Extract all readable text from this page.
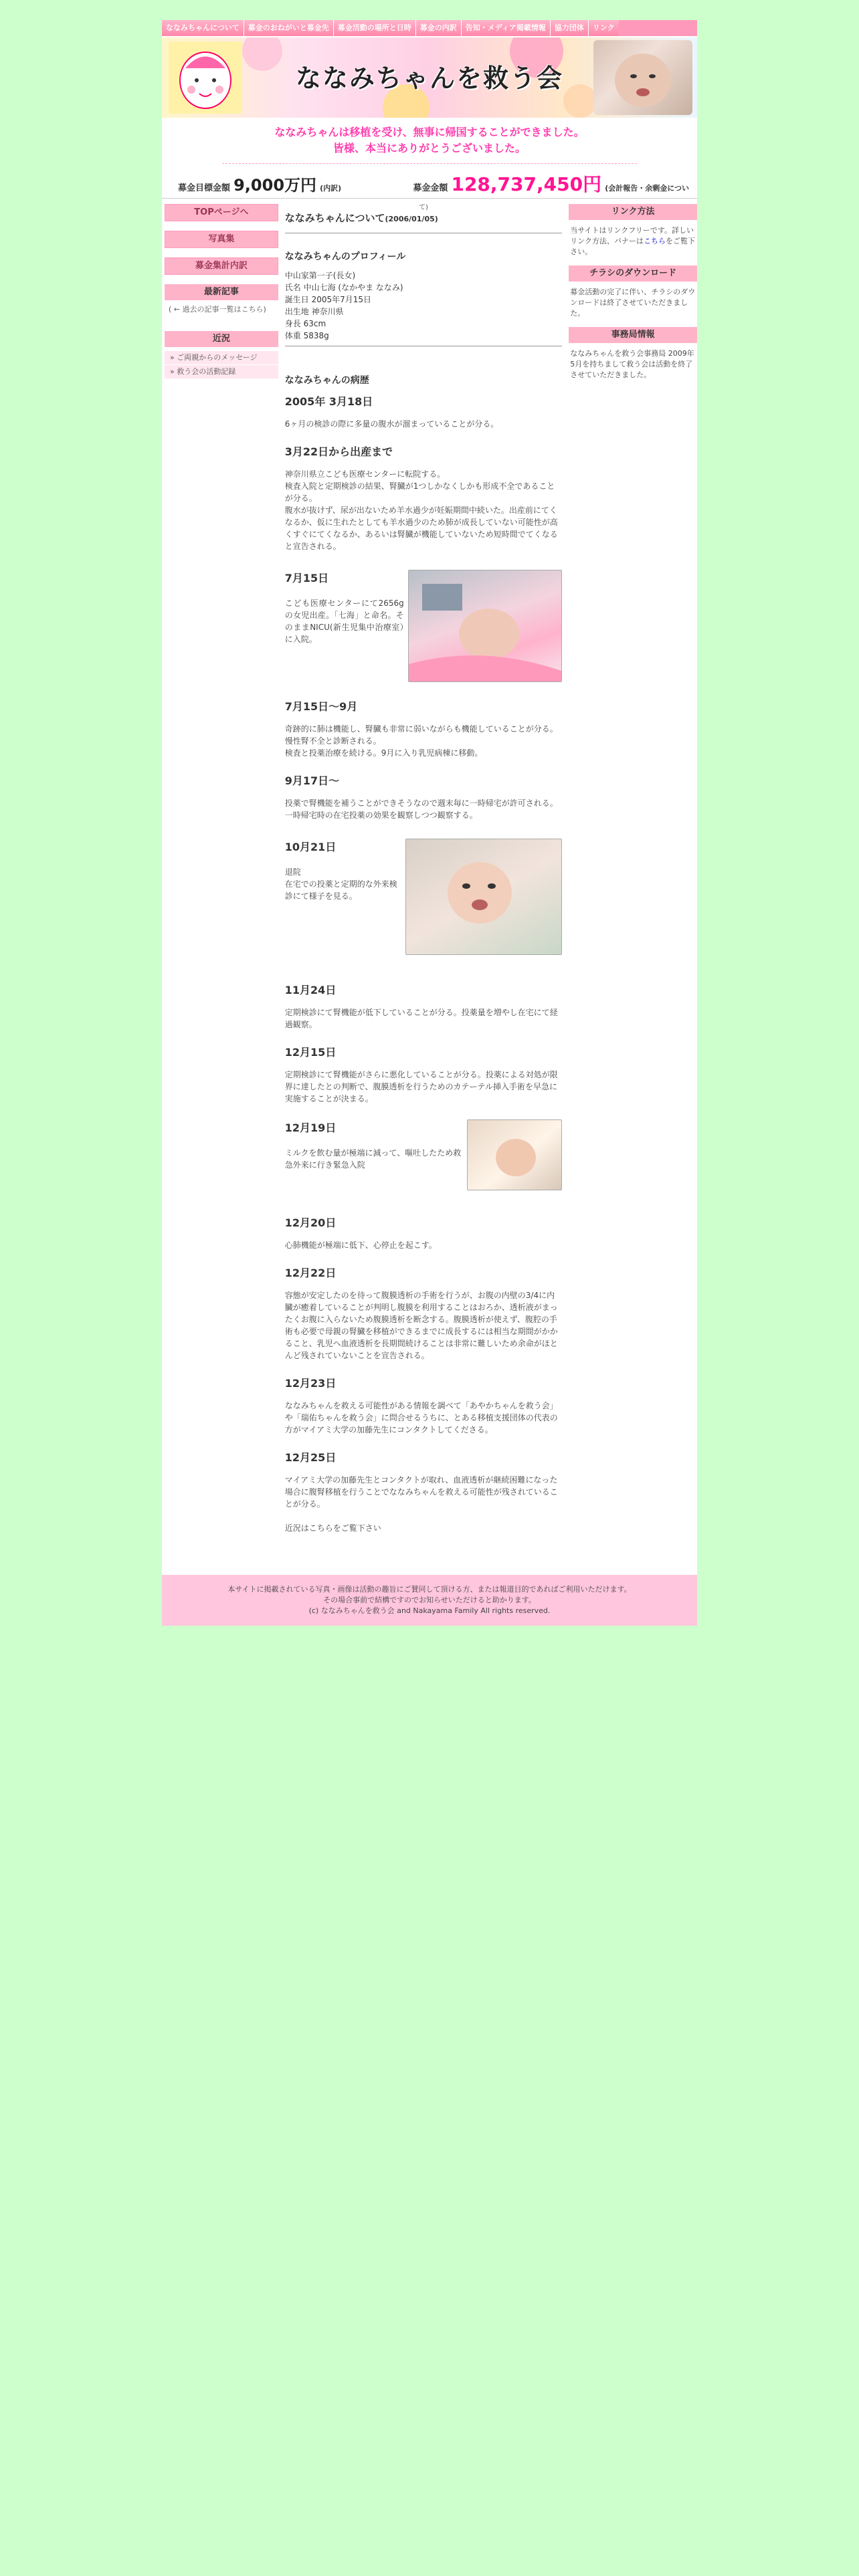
ななみちゃんについて	募金のおねがいと募金先	募金活動の場所と日時	募金の内訳	告知・メディア掲載情報	協力団体	リンク
ななみちゃんを救う会
ななみちゃんは移植を受け、無事に帰国することができました。
皆様、本当にありがとうございました。
募金目標金額 9,000万円 (内訳)	募金金額 128,737,450円 (会計報告・余剰金につい
TOPページへ
写真集
募金集計内訳
最新記事
( ← 過去の記事一覧はこちら)
近況
» ご両親からのメッセージ
» 救う会の活動記録
て)
ななみちゃんについて(2006/01/05)
ななみちゃんのプロフィール

中山家第一子(長女)

氏名 中山七海 (なかやま ななみ)

誕生日 2005年7月15日

出生地 神奈川県

身長 63cm

体重 5838g

ななみちゃんの病歴
2005年 3月18日

6ヶ月の検診の際に多量の腹水が溜まっていることが分る。

3月22日から出産まで

神奈川県立こども医療センターに転院する。
検査入院と定期検診の結果、腎臓が1つしかなくしかも形成不全であることが分る。
腹水が抜けず、尿が出ないため羊水過少が妊娠期間中続いた。出産前にてくなるか、仮に生れたとしても羊水過少のため肺が成長していない可能性が高くすぐにてくなるか、あるいは腎臓が機能していないため短時間でてくなると宣告される。

7月15日

こども医療センターにて2656gの女児出産。「七海」と命名。そのままNICU(新生児集中治療室）に入院。

7月15日〜9月

奇跡的に肺は機能し、腎臓も非常に弱いながらも機能していることが分る。慢性腎不全と診断される。
検査と投薬治療を続ける。9月に入り乳児病棟に移動。

9月17日〜

投薬で腎機能を補うことができそうなので週末毎に一時帰宅が許可される。
一時帰宅時の在宅投薬の効果を観察しつつ観察する。

10月21日

退院
在宅での投薬と定期的な外来検診にて様子を見る。

11月24日

定期検診にて腎機能が低下していることが分る。投薬量を増やし在宅にて経過観察。

12月15日

定期検診にて腎機能がさらに悪化していることが分る。投薬による対処が限界に達したとの判断で、腹膜透析を行うためのカテーテル挿入手術を早急に実施することが決まる。

12月19日

ミルクを飲む量が極端に減って、嘔吐したため救急外来に行き緊急入院

12月20日

心肺機能が極端に低下、心停止を起こす。

12月22日

容態が安定したのを待って腹膜透析の手術を行うが、お腹の内壁の3/4に内臓が癒着していることが判明し腹膜を利用することはおろか、透析液がまったくお腹に入らないため腹膜透析を断念する。腹膜透析が使えず、腹腔の手術も必要で母親の腎臓を移植ができるまでに成長するには相当な期間がかかること、乳児へ血液透析を長期間続けることは非常に難しいため余命がほとんど残されていないことを宣告される。

12月23日

ななみちゃんを救える可能性がある情報を調べて「あやかちゃんを救う会」や「瑞佑ちゃんを救う会」に問合せるうちに、とある移植支援団体の代表の方がマイアミ大学の加藤先生にコンタクトしてくださる。

12月25日

マイアミ大学の加藤先生とコンタクトが取れ、血液透析が継続困難になった場合に腹腎移植を行うことでななみちゃんを救える可能性が残されていることが分る。

近況はこちらをご覧下さい

リンク方法
当サイトはリンクフリーです。詳しいリンク方法、バナーはこちらをご覧下さい。
チラシのダウンロード
募金活動の完了に伴い、チラシのダウンロードは終了させていただきました。
事務局情報
ななみちゃんを救う会事務局 2009年5月を持ちまして救う会は活動を終了させていただきました。
本サイトに掲載されている写真・画像は活動の趣旨にご賛同して頂ける方、または報道目的であればご利用いただけます。
その場合事前で結構ですのでお知らせいただけると助かります。
(c) ななみちゃんを救う会 and Nakayama Family All rights reserved.
